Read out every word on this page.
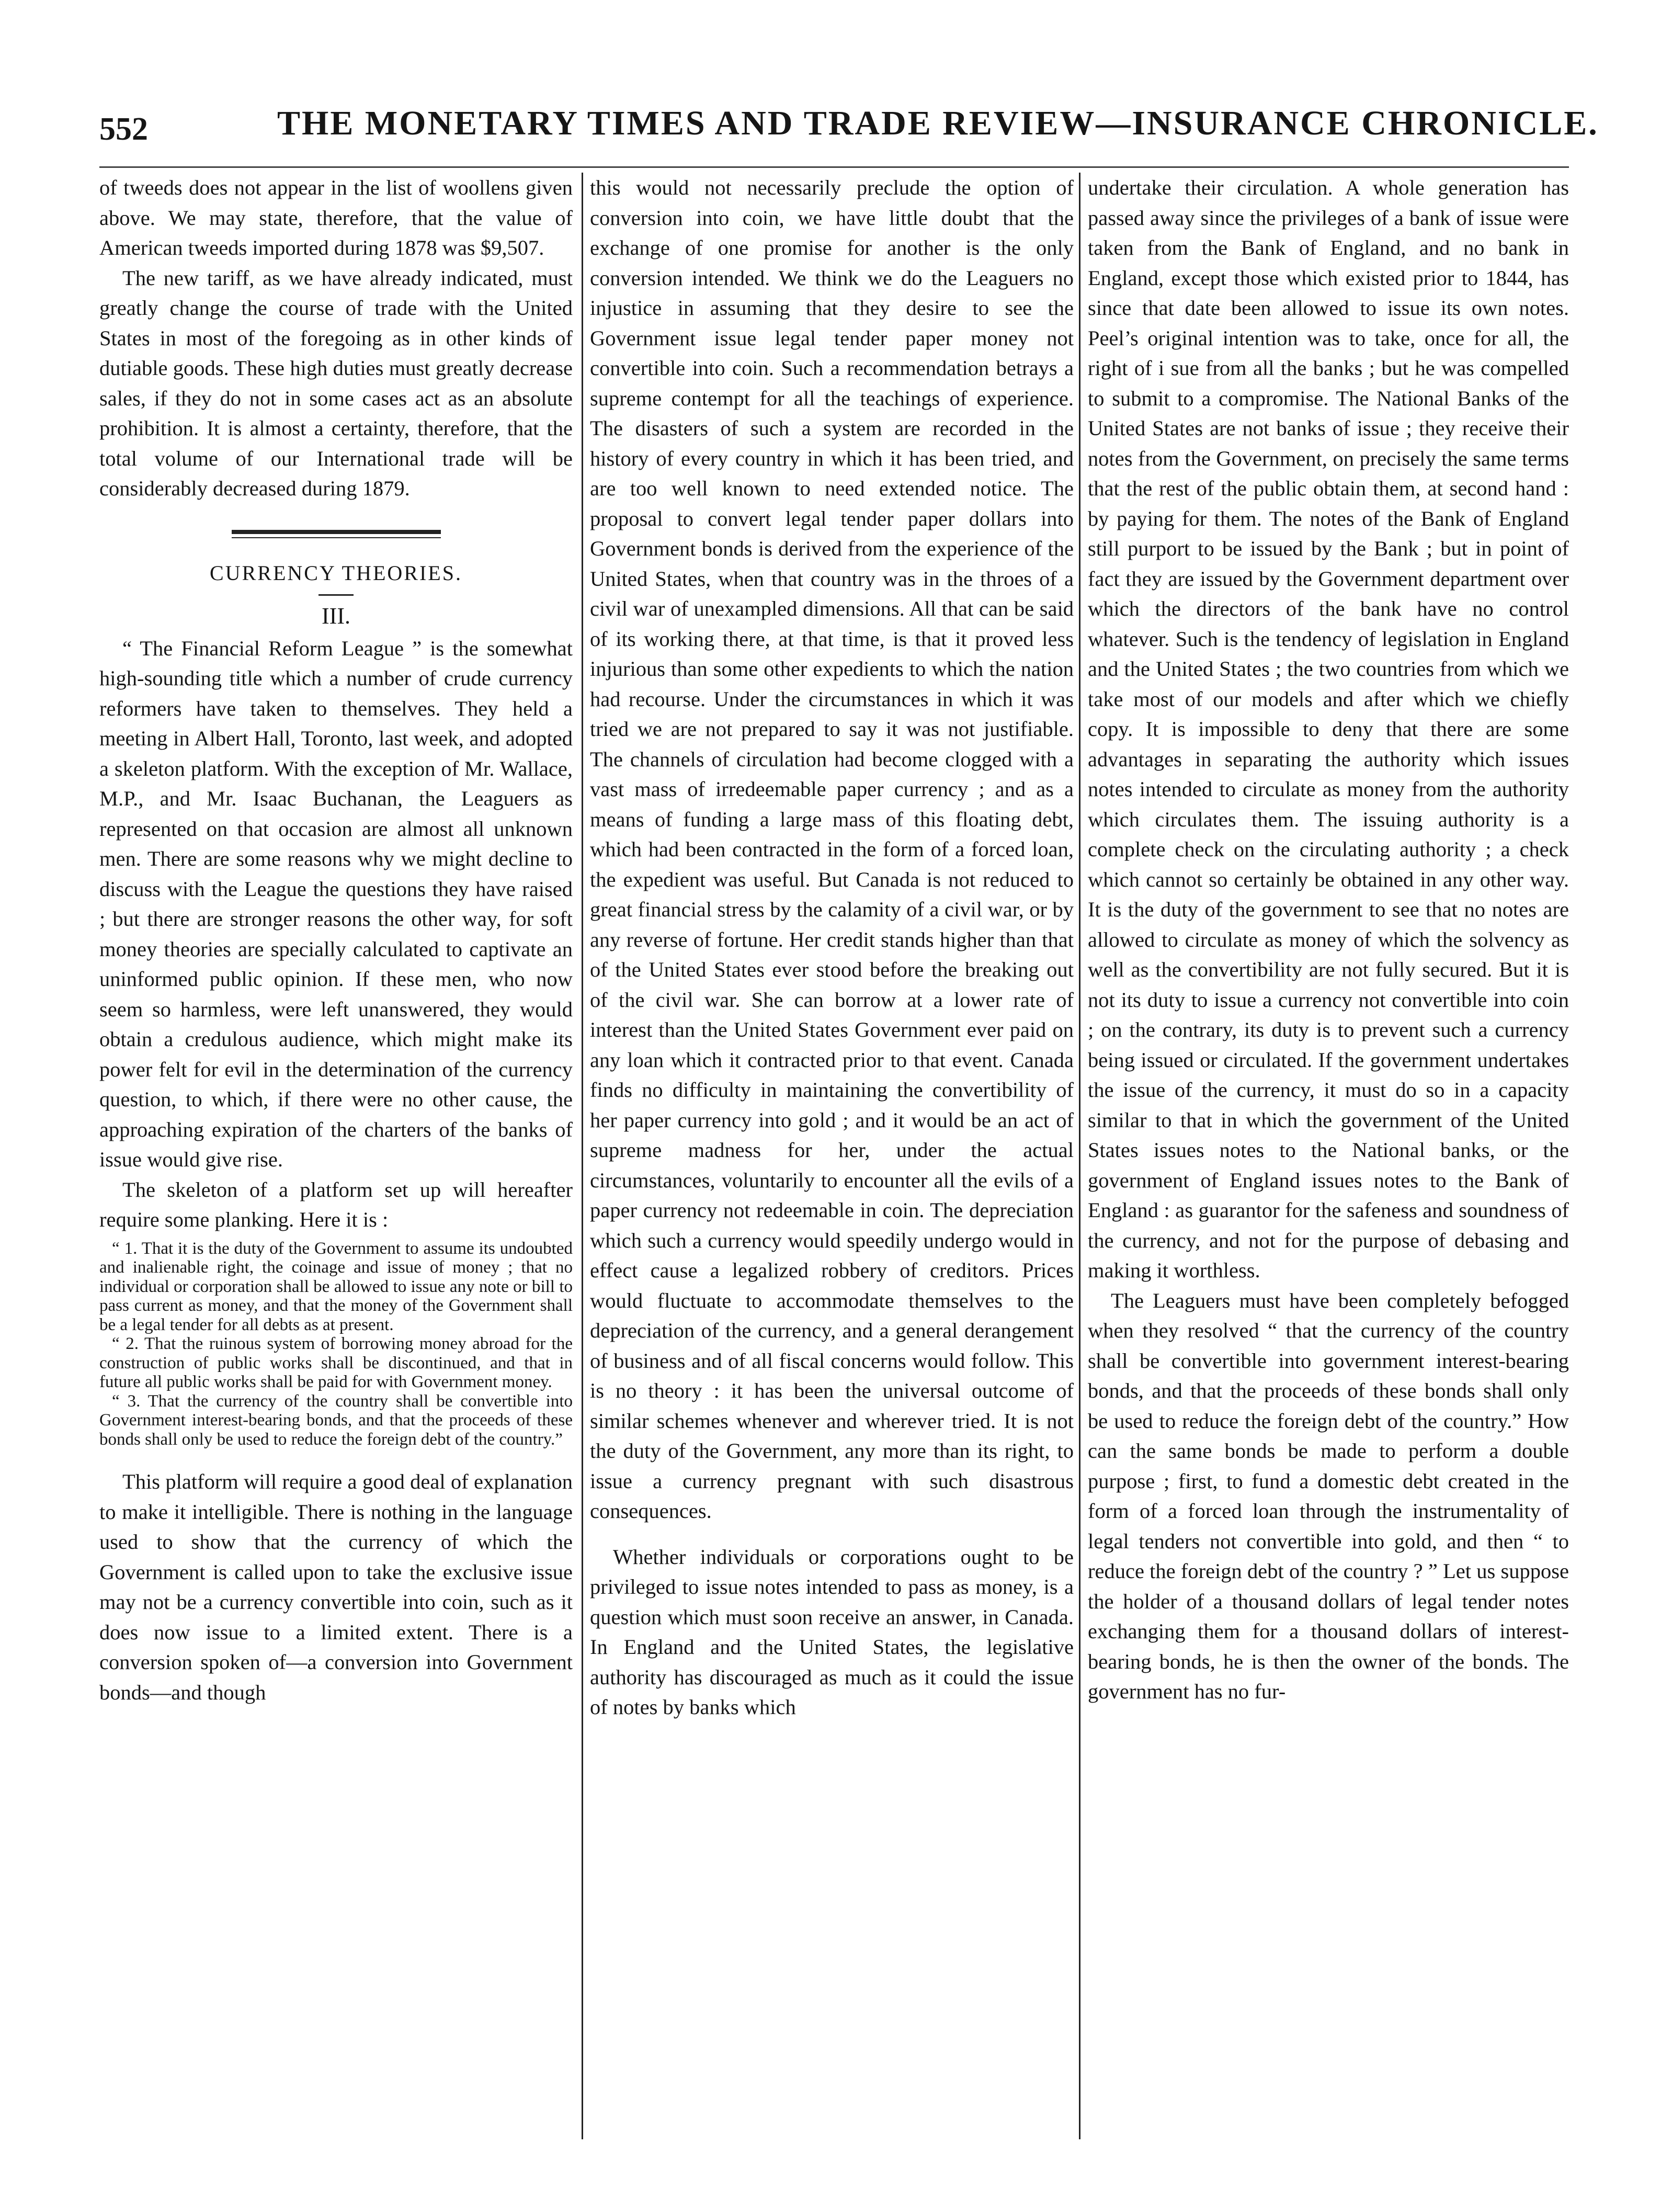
552	THE MONETARY TIMES AND TRADE REVIEW—INSURANCE CHRONICLE.

of tweeds does not appear in the list of woollens given above. We may state, therefore, that the value of American tweeds imported during 1878 was $9,507.

The new tariff, as we have already indicated, must greatly change the course of trade with the United States in most of the foregoing as in other kinds of dutiable goods. These high duties must greatly decrease sales, if they do not in some cases act as an absolute prohibition. It is almost a certainty, therefore, that the total volume of our International trade will be considerably decreased during 1879.

CURRENCY THEORIES.
III.

“ The Financial Reform League ” is the somewhat high-sounding title which a number of crude currency reformers have taken to themselves. They held a meeting in Albert Hall, Toronto, last week, and adopted a skeleton platform. With the exception of Mr. Wallace, M.P., and Mr. Isaac Buchanan, the Leaguers as represented on that occasion are almost all unknown men. There are some reasons why we might decline to discuss with the League the questions they have raised ; but there are stronger reasons the other way, for soft money theories are specially calculated to captivate an uninformed public opinion. If these men, who now seem so harmless, were left unanswered, they would obtain a credulous audience, which might make its power felt for evil in the determination of the currency question, to which, if there were no other cause, the approaching expiration of the charters of the banks of issue would give rise.

The skeleton of a platform set up will hereafter require some planking. Here it is :

“ 1. That it is the duty of the Government to assume its undoubted and inalienable right, the coinage and issue of money ; that no individual or corporation shall be allowed to issue any note or bill to pass current as money, and that the money of the Government shall be a legal tender for all debts as at present.

“ 2. That the ruinous system of borrowing money abroad for the construction of public works shall be discontinued, and that in future all public works shall be paid for with Government money.

“ 3. That the currency of the country shall be convertible into Government interest-bearing bonds, and that the proceeds of these bonds shall only be used to reduce the foreign debt of the country.”

This platform will require a good deal of explanation to make it intelligible. There is nothing in the language used to show that the currency of which the Government is called upon to take the exclusive issue may not be a currency convertible into coin, such as it does now issue to a limited extent. There is a conversion spoken of—a conversion into Government bonds—and though

this would not necessarily preclude the option of conversion into coin, we have little doubt that the exchange of one promise for another is the only conversion intended. We think we do the Leaguers no injustice in assuming that they desire to see the Government issue legal tender paper money not convertible into coin. Such a recommendation betrays a supreme contempt for all the teachings of experience. The disasters of such a system are recorded in the history of every country in which it has been tried, and are too well known to need extended notice. The proposal to convert legal tender paper dollars into Government bonds is derived from the experience of the United States, when that country was in the throes of a civil war of unexampled dimensions. All that can be said of its working there, at that time, is that it proved less injurious than some other expedients to which the nation had recourse. Under the circumstances in which it was tried we are not prepared to say it was not justifiable. The channels of circulation had become clogged with a vast mass of irredeemable paper currency ; and as a means of funding a large mass of this floating debt, which had been contracted in the form of a forced loan, the expedient was useful. But Canada is not reduced to great financial stress by the calamity of a civil war, or by any reverse of fortune. Her credit stands higher than that of the United States ever stood before the breaking out of the civil war. She can borrow at a lower rate of interest than the United States Government ever paid on any loan which it contracted prior to that event. Canada finds no difficulty in maintaining the convertibility of her paper currency into gold ; and it would be an act of supreme madness for her, under the actual circumstances, voluntarily to encounter all the evils of a paper currency not redeemable in coin. The depreciation which such a currency would speedily undergo would in effect cause a legalized robbery of creditors. Prices would fluctuate to accommodate themselves to the depreciation of the currency, and a general derangement of business and of all fiscal concerns would follow. This is no theory : it has been the universal outcome of similar schemes whenever and wherever tried. It is not the duty of the Government, any more than its right, to issue a currency pregnant with such disastrous consequences.

Whether individuals or corporations ought to be privileged to issue notes intended to pass as money, is a question which must soon receive an answer, in Canada. In England and the United States, the legislative authority has discouraged as much as it could the issue of notes by banks which

undertake their circulation. A whole generation has passed away since the privileges of a bank of issue were taken from the Bank of England, and no bank in England, except those which existed prior to 1844, has since that date been allowed to issue its own notes. Peel’s original intention was to take, once for all, the right of i sue from all the banks ; but he was compelled to submit to a compromise. The National Banks of the United States are not banks of issue ; they receive their notes from the Government, on precisely the same terms that the rest of the public obtain them, at second hand : by paying for them. The notes of the Bank of England still purport to be issued by the Bank ; but in point of fact they are issued by the Government department over which the directors of the bank have no control whatever. Such is the tendency of legislation in England and the United States ; the two countries from which we take most of our models and after which we chiefly copy. It is impossible to deny that there are some advantages in separating the authority which issues notes intended to circulate as money from the authority which circulates them. The issuing authority is a complete check on the circulating authority ; a check which cannot so certainly be obtained in any other way. It is the duty of the government to see that no notes are allowed to circulate as money of which the solvency as well as the convertibility are not fully secured. But it is not its duty to issue a currency not convertible into coin ; on the contrary, its duty is to prevent such a currency being issued or circulated. If the government undertakes the issue of the currency, it must do so in a capacity similar to that in which the government of the United States issues notes to the National banks, or the government of England issues notes to the Bank of England : as guarantor for the safeness and soundness of the currency, and not for the purpose of debasing and making it worthless.

The Leaguers must have been completely befogged when they resolved “ that the currency of the country shall be convertible into government interest-bearing bonds, and that the proceeds of these bonds shall only be used to reduce the foreign debt of the country.” How can the same bonds be made to perform a double purpose ; first, to fund a domestic debt created in the form of a forced loan through the instrumentality of legal tenders not convertible into gold, and then “ to reduce the foreign debt of the country ? ” Let us suppose the holder of a thousand dollars of legal tender notes exchanging them for a thousand dollars of interest-bearing bonds, he is then the owner of the bonds. The government has no fur-
